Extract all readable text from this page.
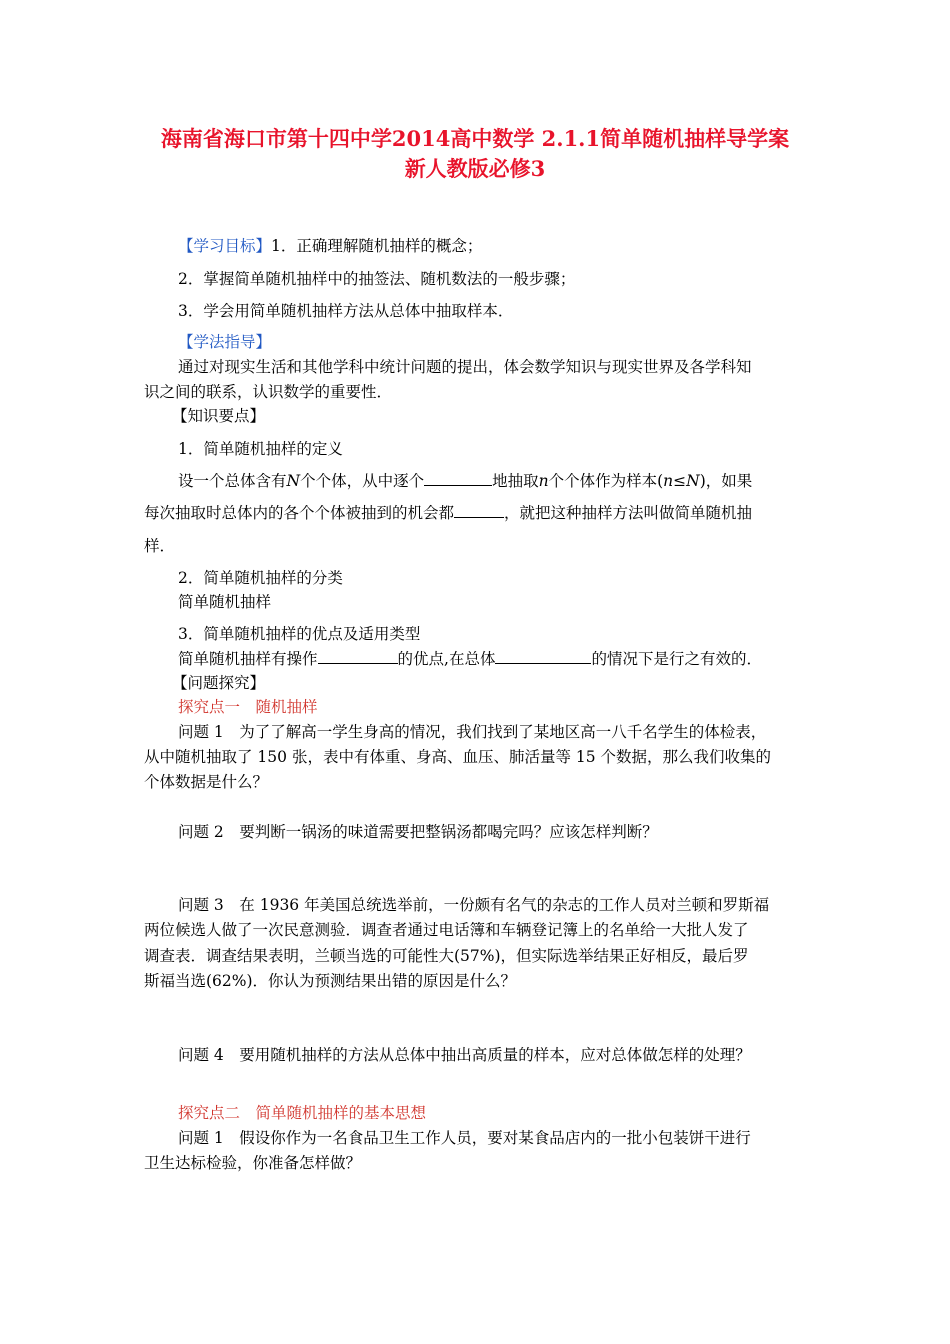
海南省海口市第十四中学2014高中数学 2.1.1简单随机抽样导学案
新人教版必修3
【学习目标】1．正确理解随机抽样的概念；
2．掌握简单随机抽样中的抽签法、随机数法的一般步骤；
3．学会用简单随机抽样方法从总体中抽取样本．
【学法指导】
通过对现实生活和其他学科中统计问题的提出，体会数学知识与现实世界及各学科知
识之间的联系，认识数学的重要性．
【知识要点】
1．简单随机抽样的定义
设一个总体含有N个个体，从中逐个	地抽取n个个体作为样本(n≤N)，如果
每次抽取时总体内的各个个体被抽到的机会都	，就把这种抽样方法叫做简单随机抽
样．
2．简单随机抽样的分类
简单随机抽样
3．简单随机抽样的优点及适用类型
简单随机抽样有操作	的优点,在总体	的情况下是行之有效的．
【问题探究】
探究点一　随机抽样
问题 1　为了了解高一学生身高的情况，我们找到了某地区高一八千名学生的体检表，
从中随机抽取了 150 张，表中有体重、身高、血压、肺活量等 15 个数据，那么我们收集的
个体数据是什么？
问题 2　要判断一锅汤的味道需要把整锅汤都喝完吗？应该怎样判断？
问题 3　在 1936 年美国总统选举前，一份颇有名气的杂志的工作人员对兰顿和罗斯福
两位候选人做了一次民意测验．调查者通过电话簿和车辆登记簿上的名单给一大批人发了
调查表．调查结果表明，兰顿当选的可能性大(57%)，但实际选举结果正好相反，最后罗
斯福当选(62%)．你认为预测结果出错的原因是什么？
问题 4　要用随机抽样的方法从总体中抽出高质量的样本，应对总体做怎样的处理？
探究点二　简单随机抽样的基本思想
问题 1　假设你作为一名食品卫生工作人员，要对某食品店内的一批小包装饼干进行
卫生达标检验，你准备怎样做？
